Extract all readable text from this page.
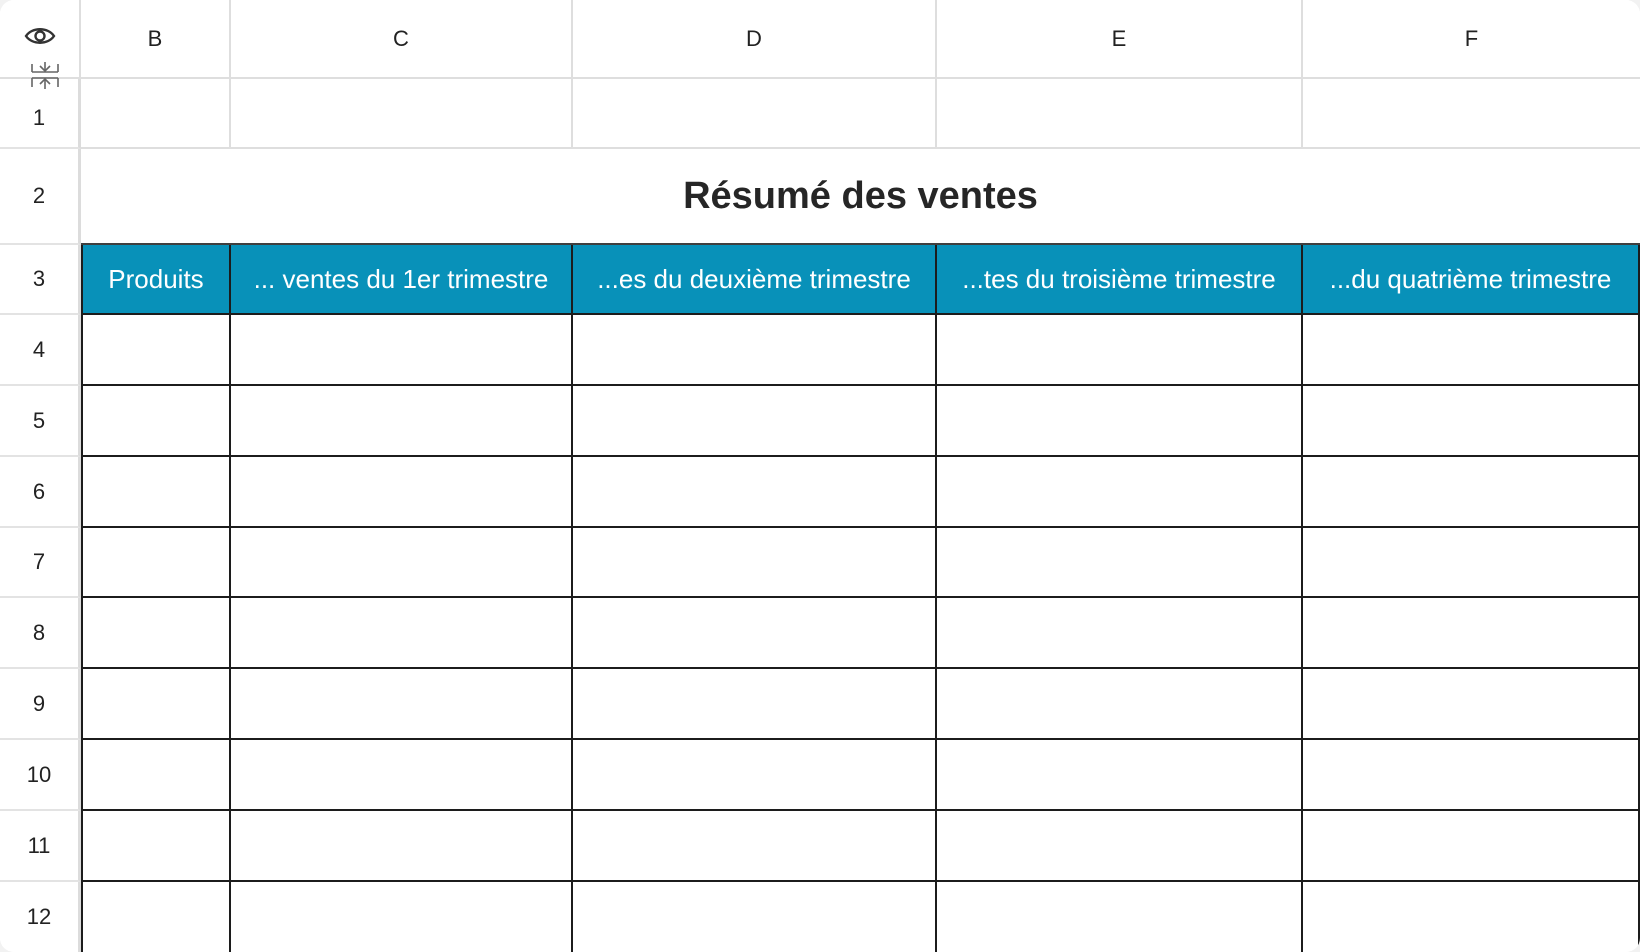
B	C	D	E	F
1
2	Résumé des ventes
3	Produits	... ventes du 1er trimestre	...es du deuxième trimestre	...tes du troisième trimestre	...du quatrième trimestre
4
5
6
7
8
9
10
11
12
